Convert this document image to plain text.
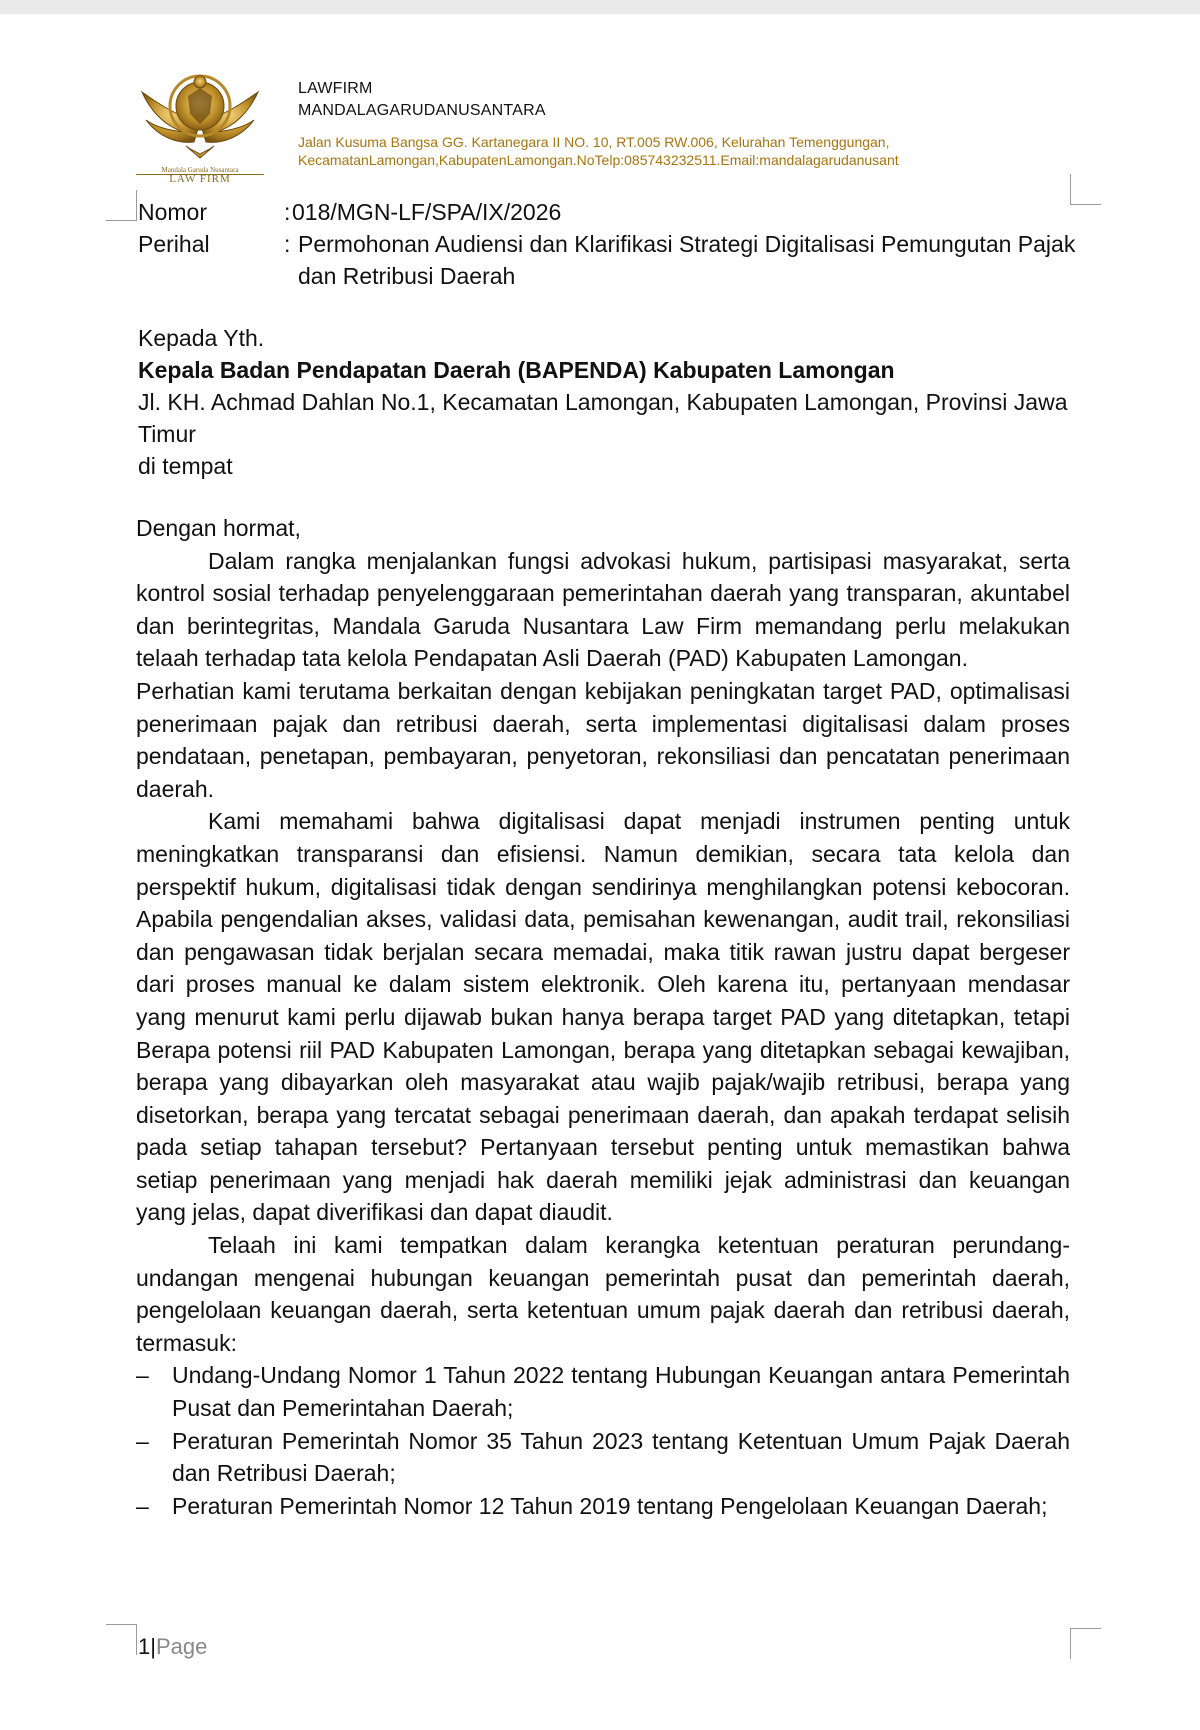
Mandala Garuda Nusantara
LAW FIRM
LAWFIRM
MANDALAGARUDANUSANTARA
Jalan Kusuma Bangsa GG. Kartanegara II NO. 10, RT.005 RW.006, Kelurahan Temenggungan,
KecamatanLamongan,KabupatenLamongan.NoTelp:085743232511.Email:mandalagarudanusant
Nomor	: 018/MGN-LF/SPA/IX/2026
Perihal	: Permohonan Audiensi dan Klarifikasi Strategi Digitalisasi Pemungutan Pajak dan Retribusi Daerah
Kepada Yth.
Kepala Badan Pendapatan Daerah (BAPENDA) Kabupaten Lamongan
Jl. KH. Achmad Dahlan No.1, Kecamatan Lamongan, Kabupaten Lamongan, Provinsi Jawa Timur
di tempat

Dengan hormat,

Dalam rangka menjalankan fungsi advokasi hukum, partisipasi masyarakat, serta kontrol sosial terhadap penyelenggaraan pemerintahan daerah yang transparan, akuntabel dan berintegritas, Mandala Garuda Nusantara Law Firm memandang perlu melakukan telaah terhadap tata kelola Pendapatan Asli Daerah (PAD) Kabupaten Lamongan.

Perhatian kami terutama berkaitan dengan kebijakan peningkatan target PAD, optimalisasi penerimaan pajak dan retribusi daerah, serta implementasi digitalisasi dalam proses pendataan, penetapan, pembayaran, penyetoran, rekonsiliasi dan pencatatan penerimaan daerah.

Kami memahami bahwa digitalisasi dapat menjadi instrumen penting untuk meningkatkan transparansi dan efisiensi. Namun demikian, secara tata kelola dan perspektif hukum, digitalisasi tidak dengan sendirinya menghilangkan potensi kebocoran. Apabila pengendalian akses, validasi data, pemisahan kewenangan, audit trail, rekonsiliasi dan pengawasan tidak berjalan secara memadai, maka titik rawan justru dapat bergeser dari proses manual ke dalam sistem elektronik. Oleh karena itu, pertanyaan mendasar yang menurut kami perlu dijawab bukan hanya berapa target PAD yang ditetapkan, tetapi Berapa potensi riil PAD Kabupaten Lamongan, berapa yang ditetapkan sebagai kewajiban, berapa yang dibayarkan oleh masyarakat atau wajib pajak/wajib retribusi, berapa yang disetorkan, berapa yang tercatat sebagai penerimaan daerah, dan apakah terdapat selisih pada setiap tahapan tersebut? Pertanyaan tersebut penting untuk memastikan bahwa setiap penerimaan yang menjadi hak daerah memiliki jejak administrasi dan keuangan yang jelas, dapat diverifikasi dan dapat diaudit.

Telaah ini kami tempatkan dalam kerangka ketentuan peraturan perundang-undangan mengenai hubungan keuangan pemerintah pusat dan pemerintah daerah, pengelolaan keuangan daerah, serta ketentuan umum pajak daerah dan retribusi daerah, termasuk:

– Undang-Undang Nomor 1 Tahun 2022 tentang Hubungan Keuangan antara Pemerintah Pusat dan Pemerintahan Daerah;
– Peraturan Pemerintah Nomor 35 Tahun 2023 tentang Ketentuan Umum Pajak Daerah dan Retribusi Daerah;
– Peraturan Pemerintah Nomor 12 Tahun 2019 tentang Pengelolaan Keuangan Daerah;
1|Page
